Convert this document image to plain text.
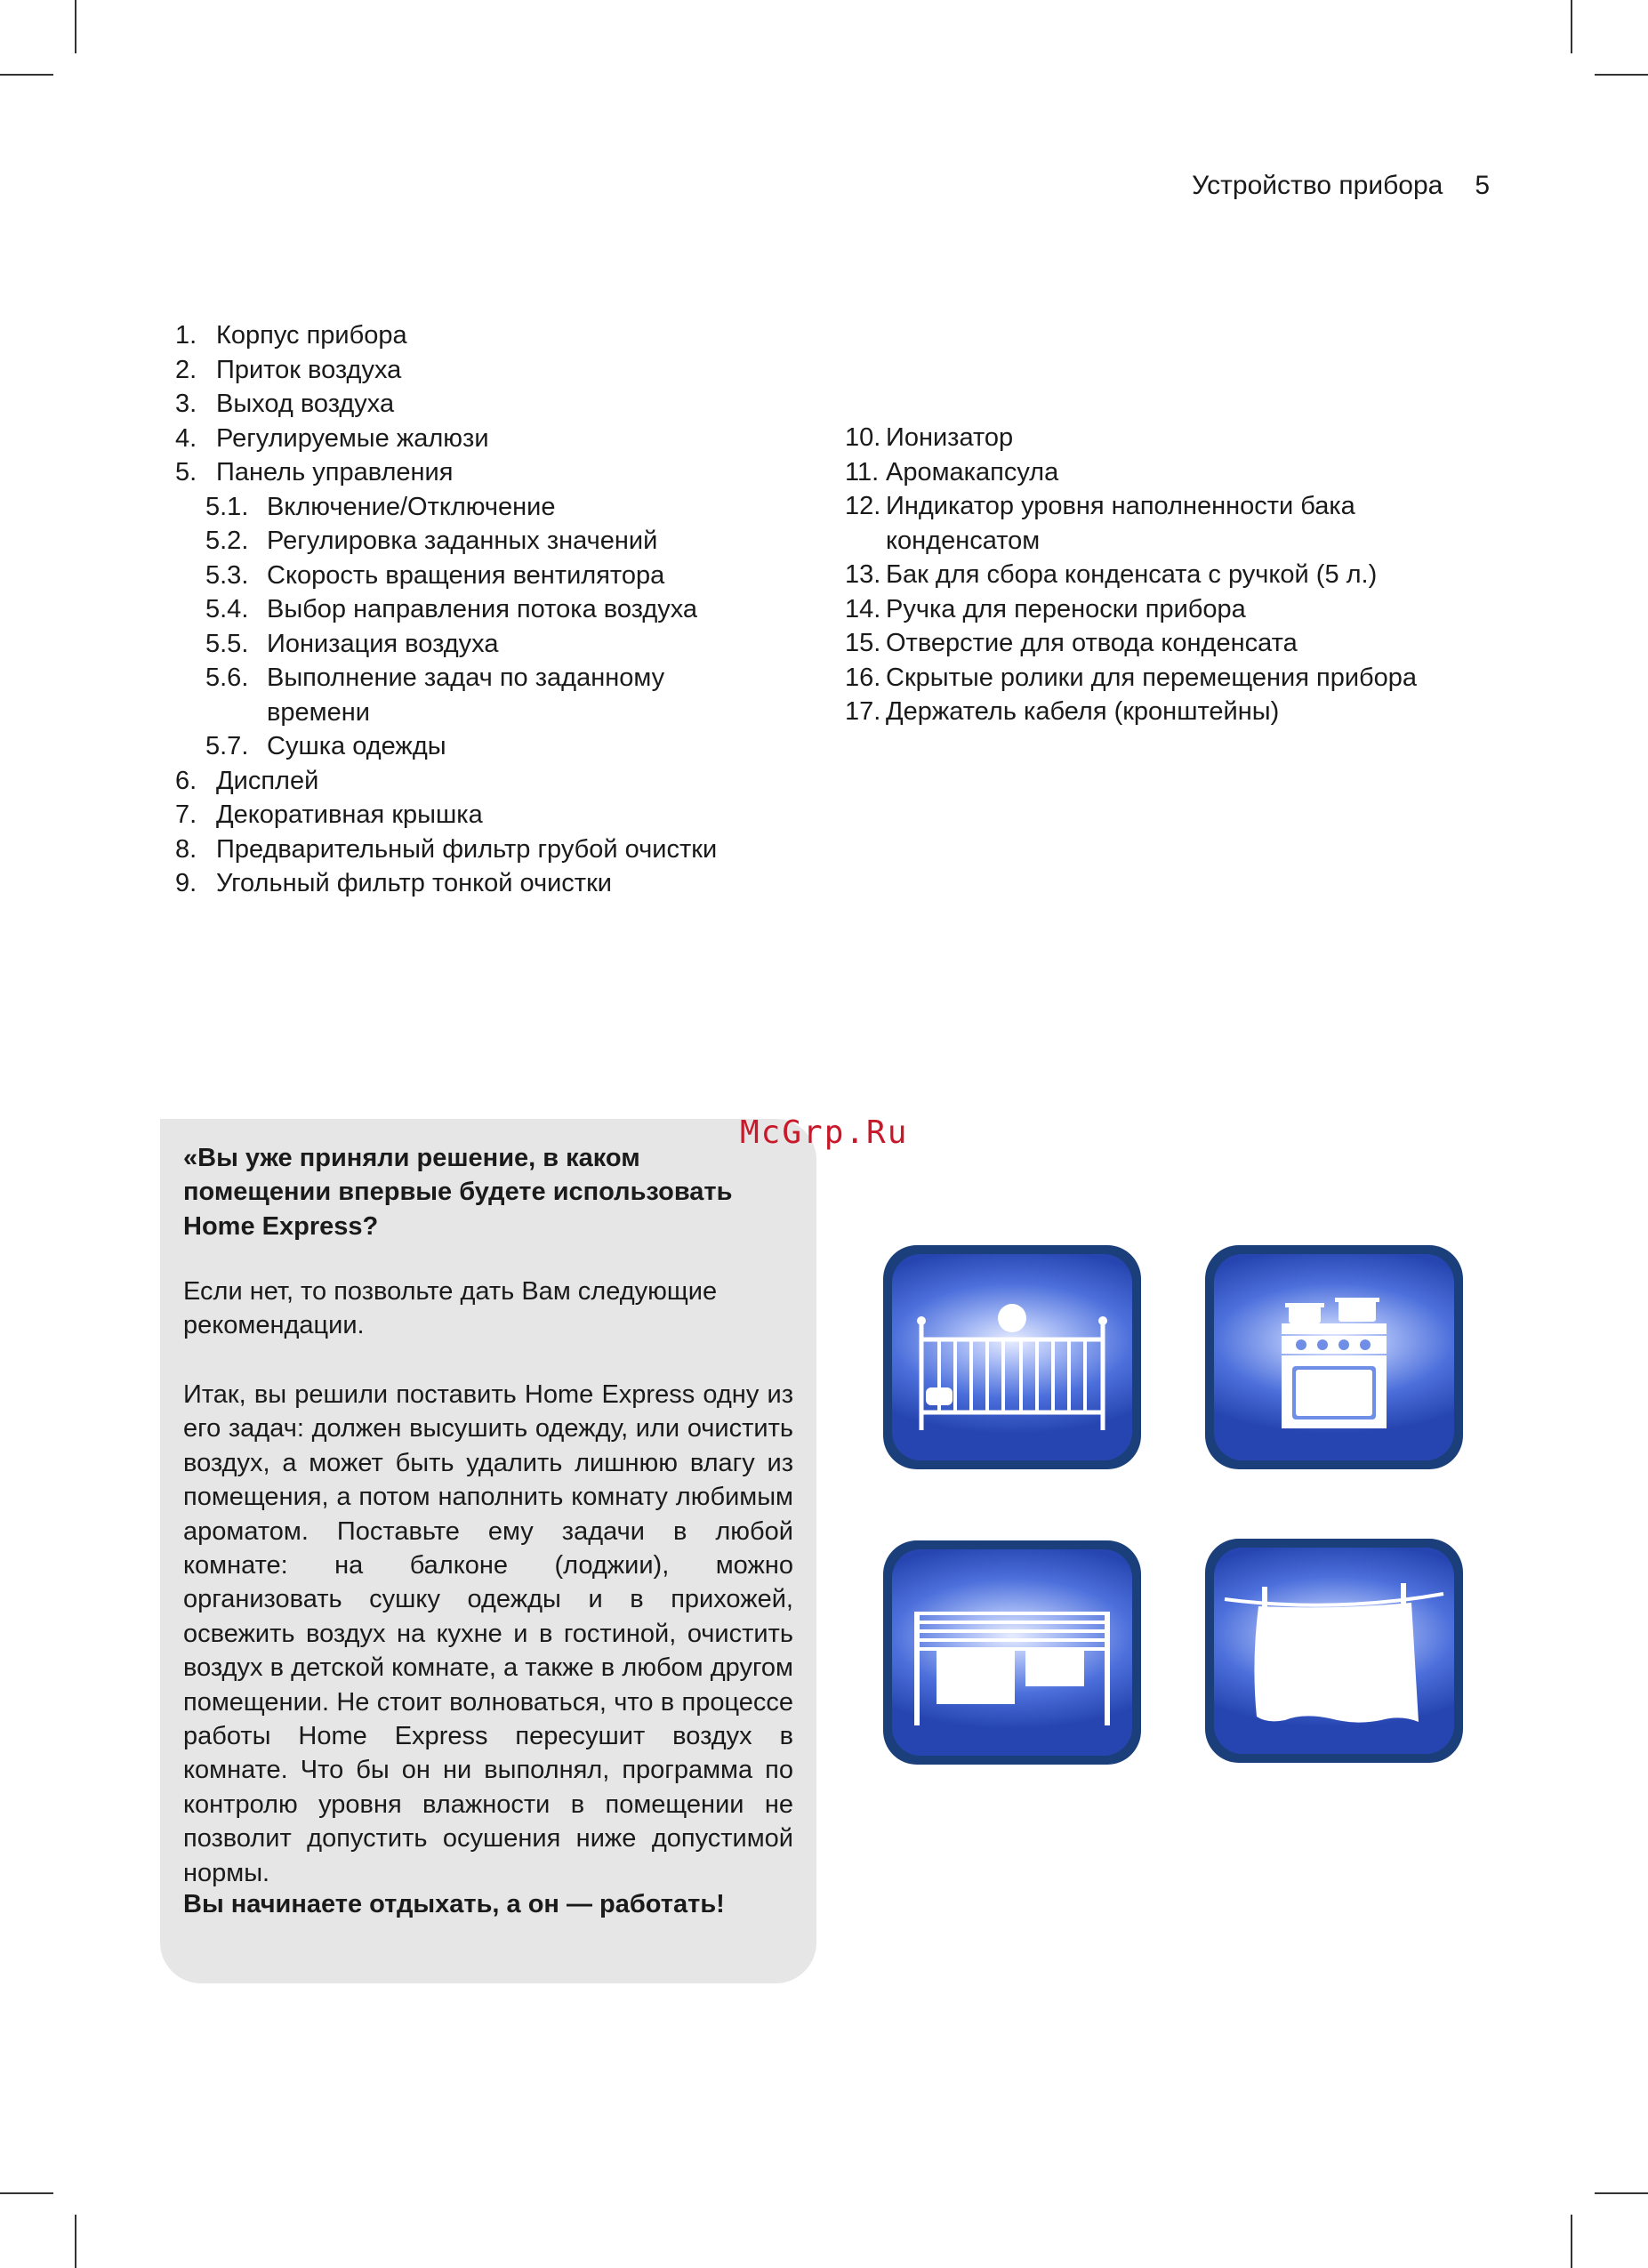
Устройство прибора 5
1. Корпус прибора
2. Приток воздуха
3. Выход воздуха
4. Регулируемые жалюзи
5. Панель управления
5.1. Включение/Отключение
5.2. Регулировка заданных значений
5.3. Скорость вращения вентилятора
5.4. Выбор направления потока воздуха
5.5. Ионизация воздуха
5.6. Выполнение задач по заданному времени
5.7. Сушка одежды
6. Дисплей
7. Декоративная крышка
8. Предварительный фильтр грубой очистки
9. Угольный фильтр тонкой очистки
10. Ионизатор
11. Аромакапсула
12. Индикатор уровня наполненности бака конденсатом
13. Бак для сбора конденсата с ручкой (5 л.)
14. Ручка для переноски прибора
15. Отверстие для отвода конденсата
16. Скрытые ролики для перемещения прибора
17. Держатель кабеля (кронштейны)

«Вы уже приняли решение, в каком помещении впервые будете использовать Home Express?

Если нет, то позвольте дать Вам следующие рекомендации.

Итак, вы решили поставить Home Express одну из его задач: должен высушить одежду, или очистить воздух, а может быть удалить лишнюю влагу из помещения, а потом наполнить комнату любимым ароматом. Поставьте ему задачи в любой комнате: на балконе (лоджии), можно организовать сушку одежды и в прихожей, освежить воздух на кухне и в гостиной, очистить воздух в детской комнате, а также в любом другом помещении. Не стоит волноваться, что в процессе работы Home Express пересушит воздух в комнате. Что бы он ни выполнял, программа по контролю уровня влажности в помещении не позволит допустить осушения ниже допустимой нормы.

Вы начинаете отдыхать, а он — работать!

McGrp.Ru
